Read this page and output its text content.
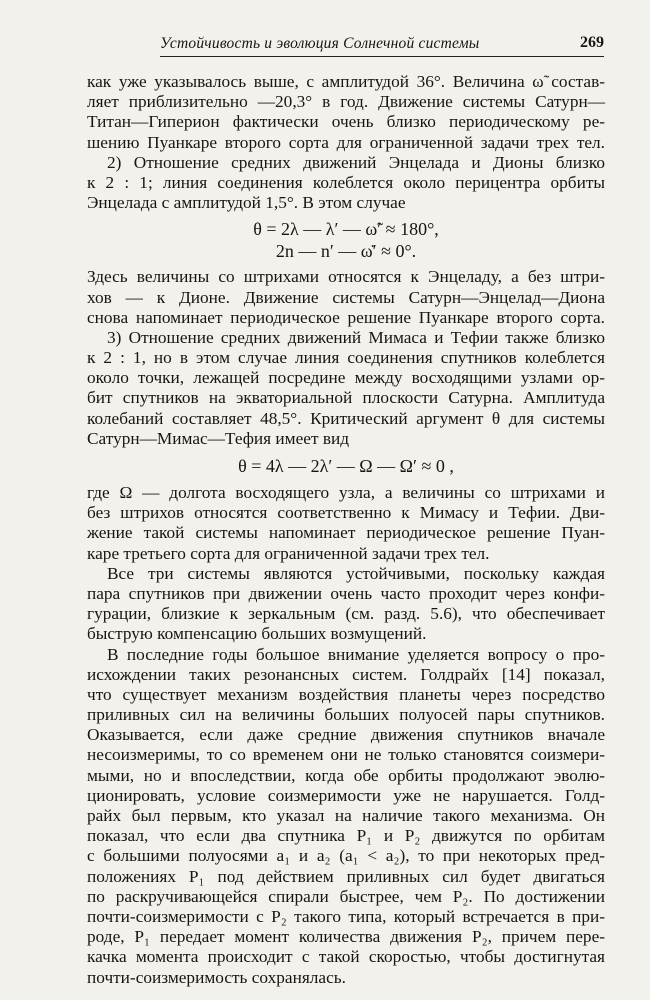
Устойчивость и эволюция Солнечной системы	269
как уже указывалось выше, с амплитудой 36°. Величина ω̃ состав-
ляет приблизительно —20,3° в год. Движение системы Сатурн—
Титан—Гиперион фактически очень близко периодическому ре-
шению Пуанкаре второго сорта для ограниченной задачи трех тел.
2) Отношение средних движений Энцелада и Дионы близко
к 2 : 1; линия соединения колеблется около перицентра орбиты
Энцелада с амплитудой 1,5°. В этом случае
θ = 2λ — λ′ — ω̃′ ≈ 180°,
2n — n′ — ω̇′ ≈ 0°.
Здесь величины со штрихами относятся к Энцеладу, а без штри-
хов — к Дионе. Движение системы Сатурн—Энцелад—Диона
снова напоминает периодическое решение Пуанкаре второго сорта.
3) Отношение средних движений Мимаса и Тефии также близко
к 2 : 1, но в этом случае линия соединения спутников колеблется
около точки, лежащей посредине между восходящими узлами ор-
бит спутников на экваториальной плоскости Сатурна. Амплитуда
колебаний составляет 48,5°. Критический аргумент θ для системы
Сатурн—Мимас—Тефия имеет вид
θ = 4λ — 2λ′ — Ω — Ω′ ≈ 0 ,
где Ω — долгота восходящего узла, а величины со штрихами и
без штрихов относятся соответственно к Мимасу и Тефии. Дви-
жение такой системы напоминает периодическое решение Пуан-
каре третьего сорта для ограниченной задачи трех тел.
Все три системы являются устойчивыми, поскольку каждая
пара спутников при движении очень часто проходит через конфи-
гурации, близкие к зеркальным (см. разд. 5.6), что обеспечивает
быструю компенсацию больших возмущений.
В последние годы большое внимание уделяется вопросу о про-
исхождении таких резонансных систем. Голдрайх [14] показал,
что существует механизм воздействия планеты через посредство
приливных сил на величины больших полуосей пары спутников.
Оказывается, если даже средние движения спутников вначале
несоизмеримы, то со временем они не только становятся соизмери-
мыми, но и впоследствии, когда обе орбиты продолжают эволю-
ционировать, условие соизмеримости уже не нарушается. Голд-
райх был первым, кто указал на наличие такого механизма. Он
показал, что если два спутника P₁ и P₂ движутся по орбитам
с большими полуосями a₁ и a₂ (a₁ < a₂), то при некоторых пред-
положениях P₁ под действием приливных сил будет двигаться
по раскручивающейся спирали быстрее, чем P₂. По достижении
почти-соизмеримости с P₂ такого типа, который встречается в при-
роде, P₁ передает момент количества движения P₂, причем пере-
качка момента происходит с такой скоростью, чтобы достигнутая
почти-соизмеримость сохранялась.
